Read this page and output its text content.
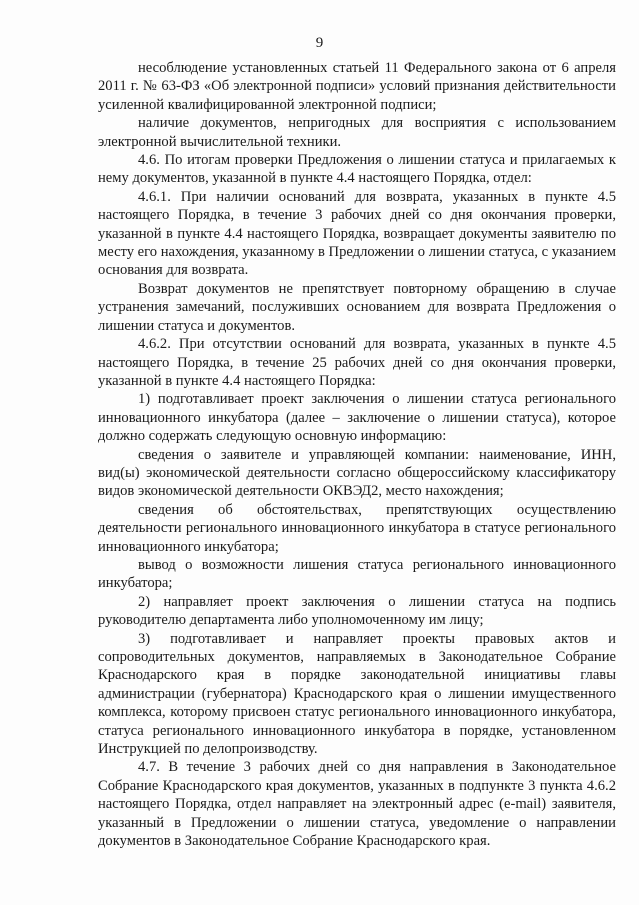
9

несоблюдение установленных статьей 11 Федерального закона от 6 апреля 2011 г. № 63-ФЗ «Об электронной подписи» условий признания действительности усиленной квалифицированной электронной подписи;

наличие документов, непригодных для восприятия с использованием электронной вычислительной техники.

4.6. По итогам проверки Предложения о лишении статуса и прилагаемых к нему документов, указанной в пункте 4.4 настоящего Порядка, отдел:

4.6.1. При наличии оснований для возврата, указанных в пункте 4.5 настоящего Порядка, в течение 3 рабочих дней со дня окончания проверки, указанной в пункте 4.4 настоящего Порядка, возвращает документы заявителю по месту его нахождения, указанному в Предложении о лишении статуса, с указанием основания для возврата.

Возврат документов не препятствует повторному обращению в случае устранения замечаний, послуживших основанием для возврата Предложения о лишении статуса и документов.

4.6.2. При отсутствии оснований для возврата, указанных в пункте 4.5 настоящего Порядка, в течение 25 рабочих дней со дня окончания проверки, указанной в пункте 4.4 настоящего Порядка:

1) подготавливает проект заключения о лишении статуса регионального инновационного инкубатора (далее – заключение о лишении статуса), которое должно содержать следующую основную информацию:

сведения о заявителе и управляющей компании: наименование, ИНН, вид(ы) экономической деятельности согласно общероссийскому классификатору видов экономической деятельности ОКВЭД2, место нахождения;

сведения об обстоятельствах, препятствующих осуществлению деятельности регионального инновационного инкубатора в статусе регионального инновационного инкубатора;

вывод о возможности лишения статуса регионального инновационного инкубатора;

2) направляет проект заключения о лишении статуса на подпись руководителю департамента либо уполномоченному им лицу;

3) подготавливает и направляет проекты правовых актов и сопроводительных документов, направляемых в Законодательное Собрание Краснодарского края в порядке законодательной инициативы главы администрации (губернатора) Краснодарского края о лишении имущественного комплекса, которому присвоен статус регионального инновационного инкубатора, статуса регионального инновационного инкубатора в порядке, установленном Инструкцией по делопроизводству.

4.7. В течение 3 рабочих дней со дня направления в Законодательное Собрание Краснодарского края документов, указанных в подпункте 3 пункта 4.6.2 настоящего Порядка, отдел направляет на электронный адрес (e-mail) заявителя, указанный в Предложении о лишении статуса, уведомление о направлении документов в Законодательное Собрание Краснодарского края.
